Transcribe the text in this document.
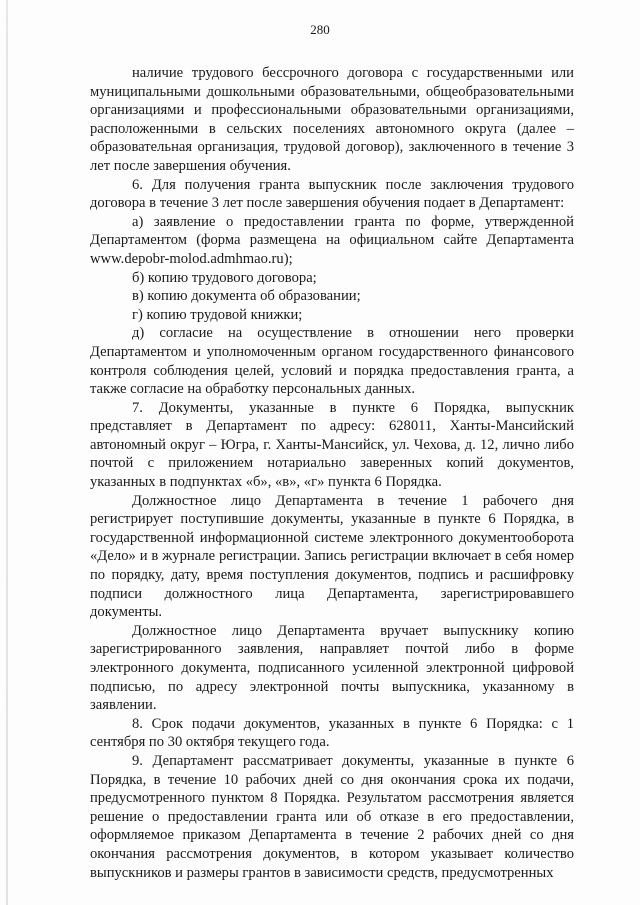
280

наличие трудового бессрочного договора с государственными или муниципальными дошкольными образовательными, общеобразовательными организациями и профессиональными образовательными организациями, расположенными в сельских поселениях автономного округа (далее – образовательная организация, трудовой договор), заключенного в течение 3 лет после завершения обучения.

6. Для получения гранта выпускник после заключения трудового договора в течение 3 лет после завершения обучения подает в Департамент:

а) заявление о предоставлении гранта по форме, утвержденной Департаментом (форма размещена на официальном сайте Департамента www.depobr-molod.admhmao.ru);

б) копию трудового договора;

в) копию документа об образовании;

г) копию трудовой книжки;

д) согласие на осуществление в отношении него проверки Департаментом и уполномоченным органом государственного финансового контроля соблюдения целей, условий и порядка предоставления гранта, а также согласие на обработку персональных данных.

7. Документы, указанные в пункте 6 Порядка, выпускник представляет в Департамент по адресу: 628011, Ханты-Мансийский автономный округ – Югра, г. Ханты-Мансийск, ул. Чехова, д. 12, лично либо почтой с приложением нотариально заверенных копий документов, указанных в подпунктах «б», «в», «г» пункта 6 Порядка.

Должностное лицо Департамента в течение 1 рабочего дня регистрирует поступившие документы, указанные в пункте 6 Порядка, в государственной информационной системе электронного документооборота «Дело» и в журнале регистрации. Запись регистрации включает в себя номер по порядку, дату, время поступления документов, подпись и расшифровку подписи должностного лица Департамента, зарегистрировавшего документы.

Должностное лицо Департамента вручает выпускнику копию зарегистрированного заявления, направляет почтой либо в форме электронного документа, подписанного усиленной электронной цифровой подписью, по адресу электронной почты выпускника, указанному в заявлении.

8. Срок подачи документов, указанных в пункте 6 Порядка: с 1 сентября по 30 октября текущего года.

9. Департамент рассматривает документы, указанные в пункте 6 Порядка, в течение 10 рабочих дней со дня окончания срока их подачи, предусмотренного пунктом 8 Порядка. Результатом рассмотрения является решение о предоставлении гранта или об отказе в его предоставлении, оформляемое приказом Департамента в течение 2 рабочих дней со дня окончания рассмотрения документов, в котором указывает количество выпускников и размеры грантов в зависимости средств, предусмотренных
